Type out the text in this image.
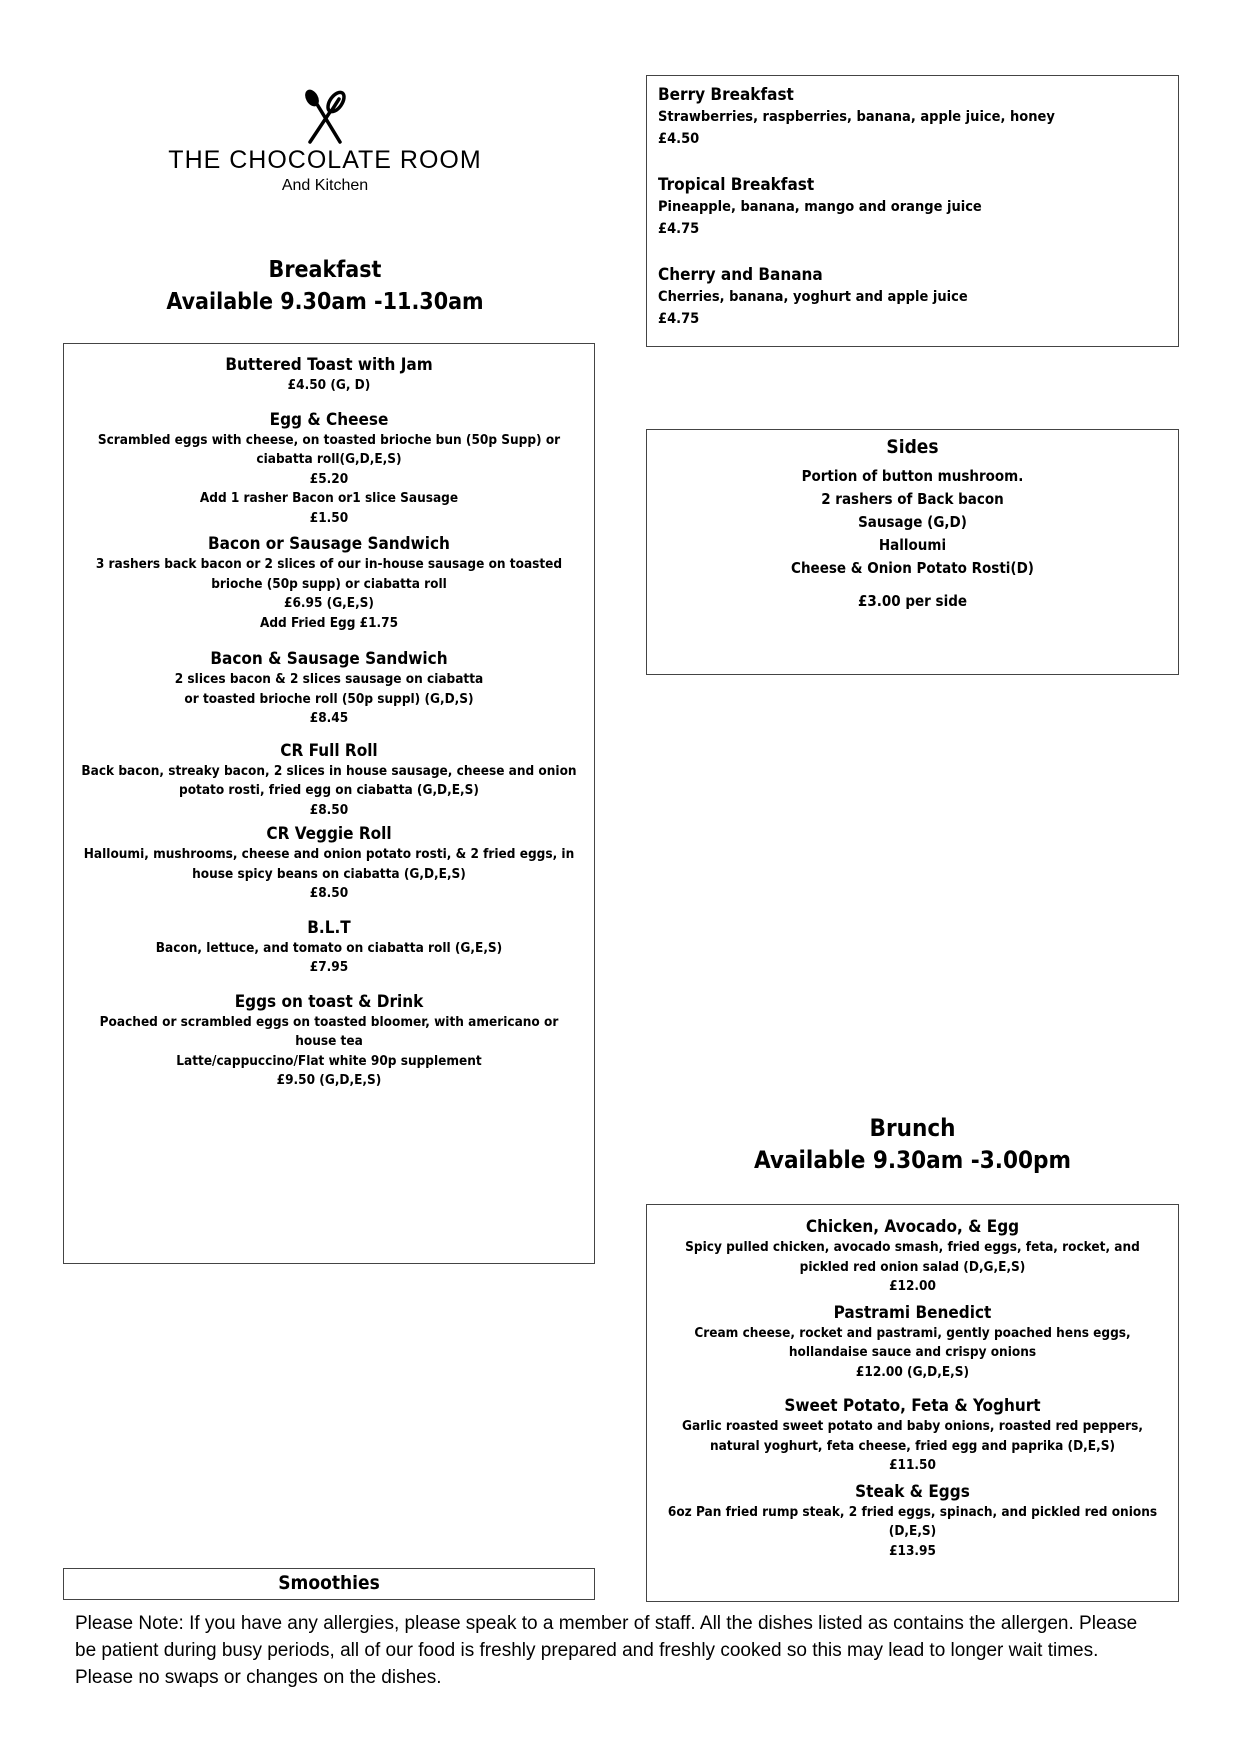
THE CHOCOLATE ROOM
And Kitchen
Breakfast
Available 9.30am -11.30am
Buttered Toast with Jam
£4.50 (G, D)
Egg & Cheese
Scrambled eggs with cheese, on toasted brioche bun (50p Supp) or
ciabatta roll(G,D,E,S)
£5.20
Add 1 rasher Bacon or1 slice Sausage
£1.50
Bacon or Sausage Sandwich
3 rashers back bacon or 2 slices of our in-house sausage on toasted
brioche (50p supp) or ciabatta roll
£6.95 (G,E,S)
Add Fried Egg £1.75
Bacon & Sausage Sandwich
2 slices bacon & 2 slices sausage on ciabatta
or toasted brioche roll (50p suppl) (G,D,S)
£8.45
CR Full Roll
Back bacon, streaky bacon, 2 slices in house sausage, cheese and onion
potato rosti, fried egg on ciabatta (G,D,E,S)
£8.50
CR Veggie Roll
Halloumi, mushrooms, cheese and onion potato rosti, & 2 fried eggs, in
house spicy beans on ciabatta (G,D,E,S)
£8.50
B.L.T
Bacon, lettuce, and tomato on ciabatta roll (G,E,S)
£7.95
Eggs on toast & Drink
Poached or scrambled eggs on toasted bloomer, with americano or
house tea
Latte/cappuccino/Flat white 90p supplement
£9.50 (G,D,E,S)
Berry Breakfast
Strawberries, raspberries, banana, apple juice, honey
£4.50
Tropical Breakfast
Pineapple, banana, mango and orange juice
£4.75
Cherry and Banana
Cherries, banana, yoghurt and apple juice
£4.75
Sides
Portion of button mushroom.
2 rashers of Back bacon
Sausage (G,D)
Halloumi
Cheese & Onion Potato Rosti(D)
£3.00 per side
Brunch
Available 9.30am -3.00pm
Chicken, Avocado, & Egg
Spicy pulled chicken, avocado smash, fried eggs, feta, rocket, and
pickled red onion salad (D,G,E,S)
£12.00
Pastrami Benedict
Cream cheese, rocket and pastrami, gently poached hens eggs,
hollandaise sauce and crispy onions
£12.00 (G,D,E,S)
Sweet Potato, Feta & Yoghurt
Garlic roasted sweet potato and baby onions, roasted red peppers,
natural yoghurt, feta cheese, fried egg and paprika (D,E,S)
£11.50
Steak & Eggs
6oz Pan fried rump steak, 2 fried eggs, spinach, and pickled red onions
(D,E,S)
£13.95
Smoothies
Please Note: If you have any allergies, please speak to a member of staff. All the dishes listed as contains the allergen. Please be patient during busy periods, all of our food is freshly prepared and freshly cooked so this may lead to longer wait times. Please no swaps or changes on the dishes.
